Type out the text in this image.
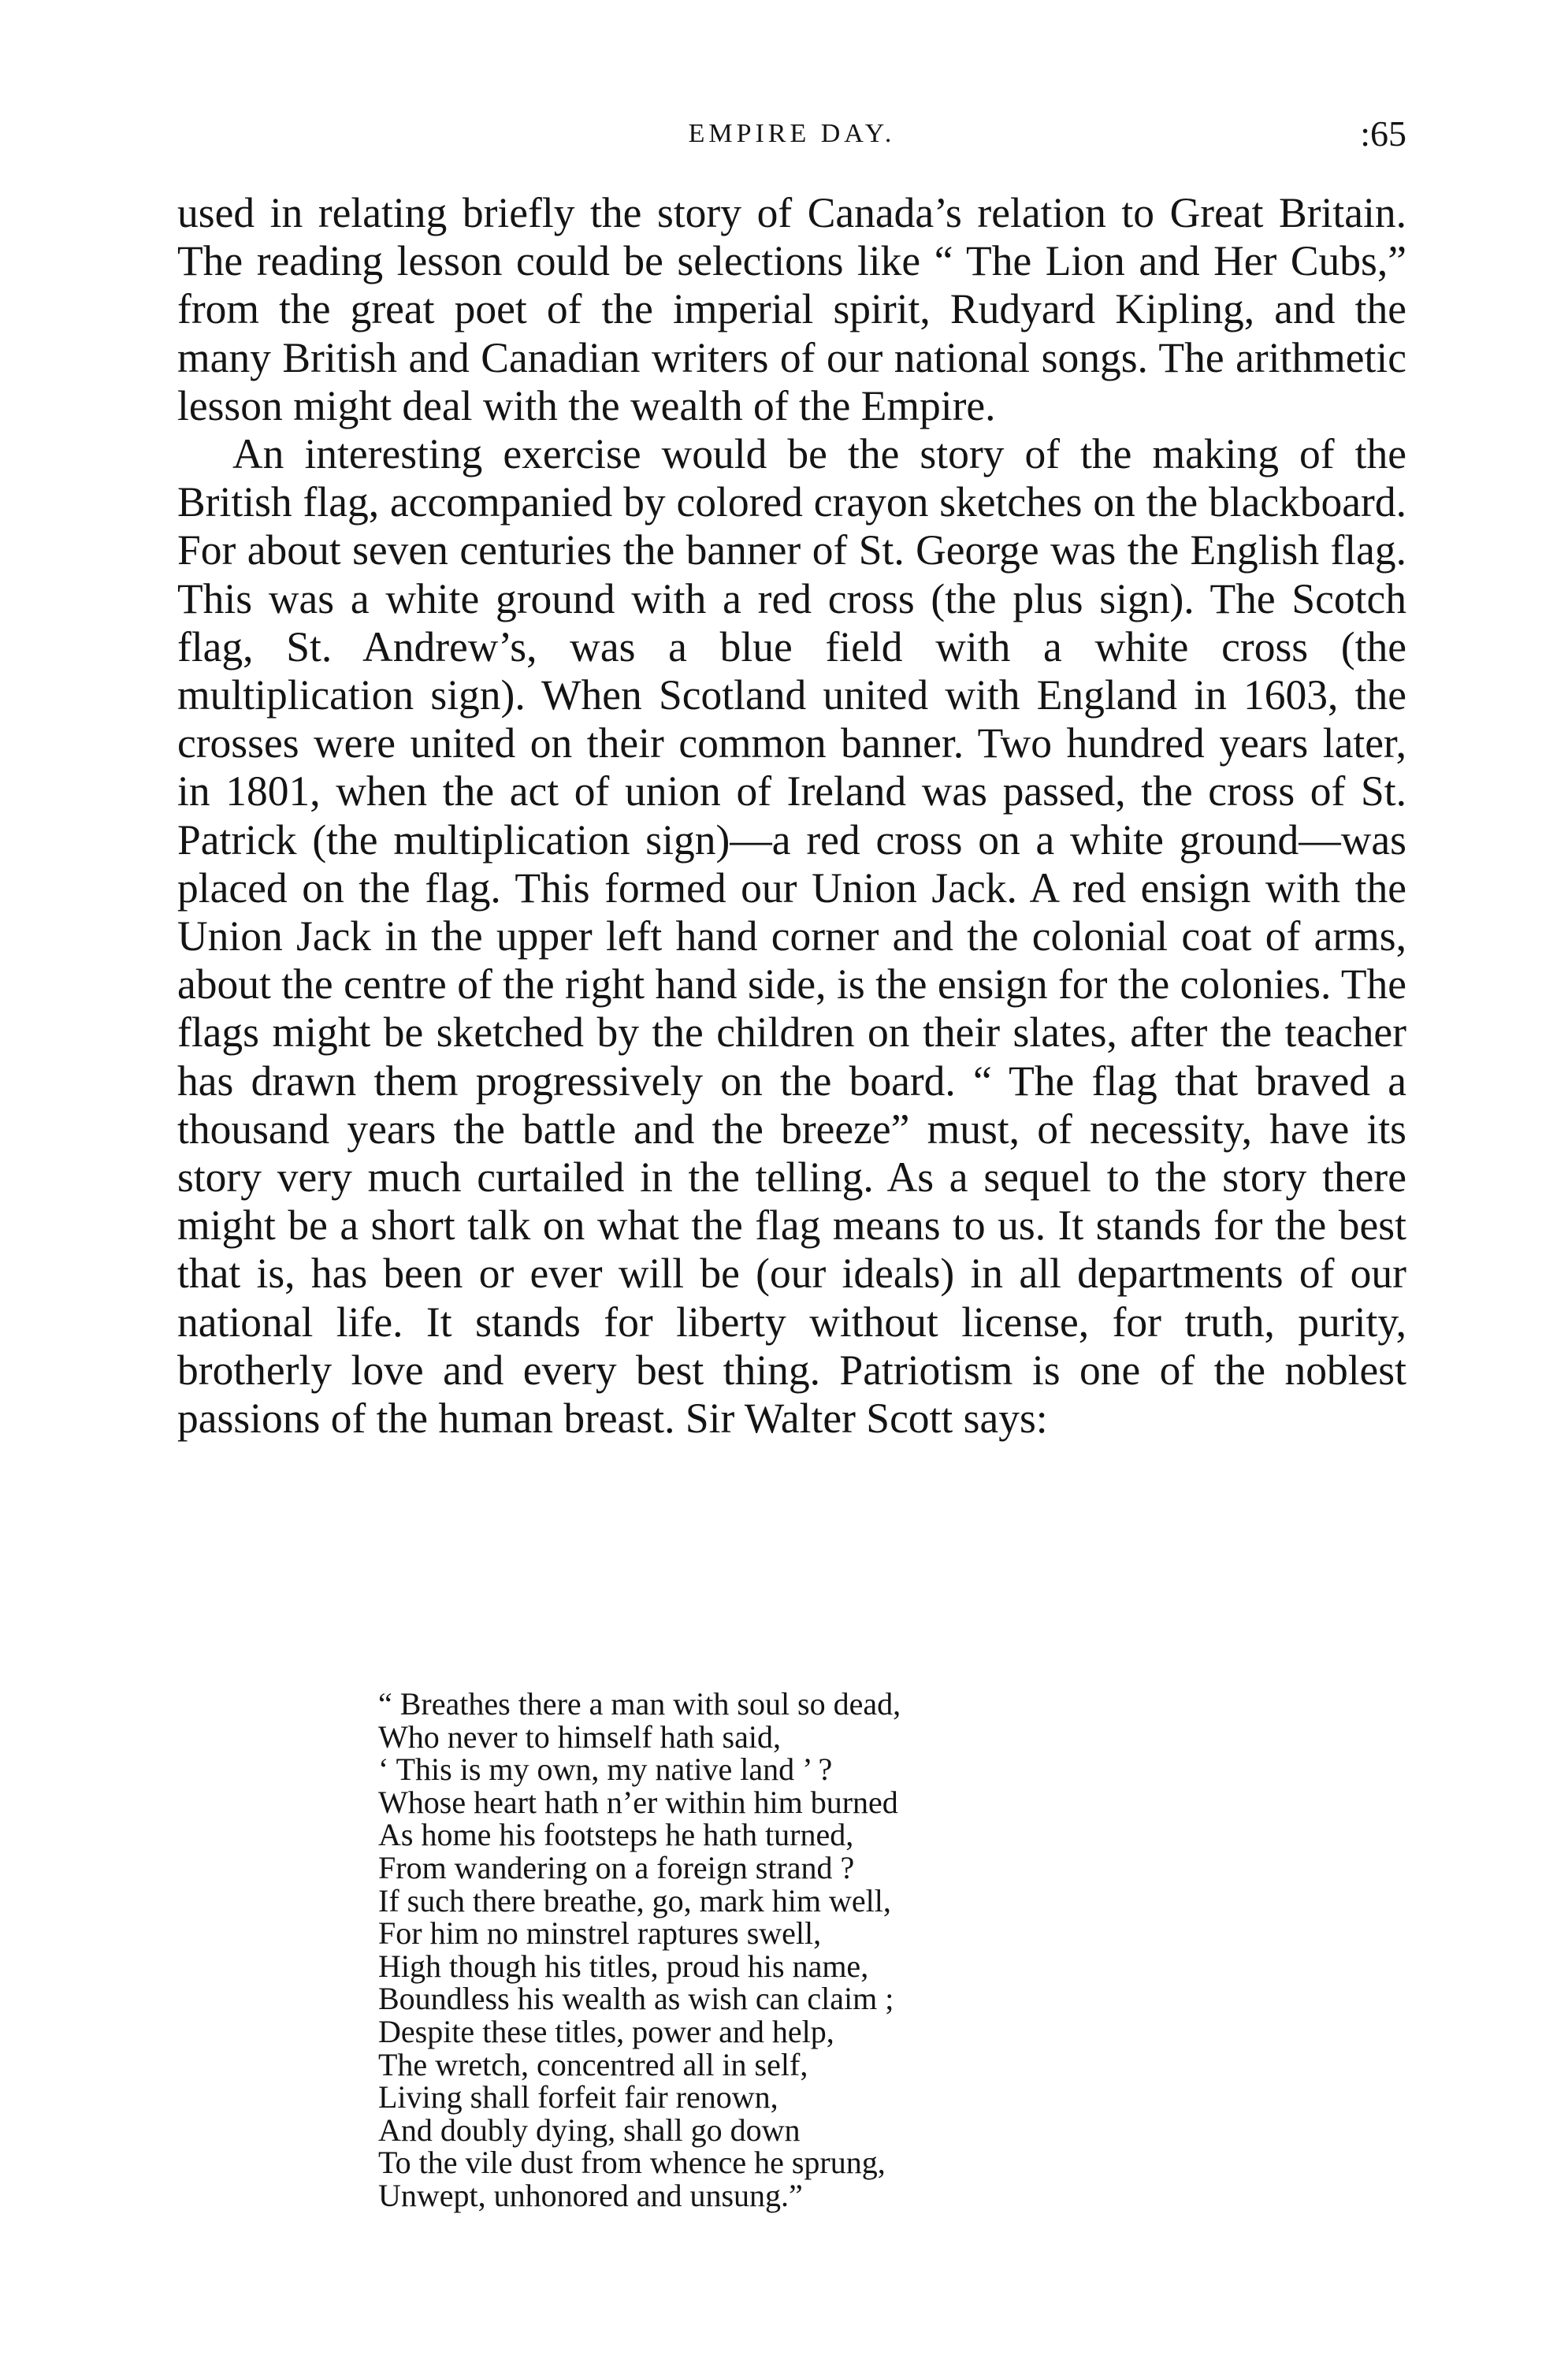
EMPIRE DAY.	:65

used in relating briefly the story of Canada’s relation to Great Britain. The reading lesson could be selections like “ The Lion and Her Cubs,” from the great poet of the imperial spirit, Rudyard Kipling, and the many British and Canadian writers of our national songs. The arithmetic lesson might deal with the wealth of the Empire.

An interesting exercise would be the story of the making of the British flag, accompanied by colored crayon sketches on the blackboard. For about seven centuries the banner of St. George was the English flag. This was a white ground with a red cross (the plus sign). The Scotch flag, St. Andrew’s, was a blue field with a white cross (the multiplication sign). When Scotland united with England in 1603, the crosses were united on their common banner. Two hundred years later, in 1801, when the act of union of Ireland was passed, the cross of St. Patrick (the multiplication sign)—a red cross on a white ground—was placed on the flag. This formed our Union Jack. A red ensign with the Union Jack in the upper left hand corner and the colonial coat of arms, about the centre of the right hand side, is the ensign for the colonies. The flags might be sketched by the children on their slates, after the teacher has drawn them progressively on the board. “ The flag that braved a thousand years the battle and the breeze” must, of necessity, have its story very much curtailed in the telling. As a sequel to the story there might be a short talk on what the flag means to us. It stands for the best that is, has been or ever will be (our ideals) in all departments of our national life. It stands for liberty without license, for truth, purity, brotherly love and every best thing. Patriotism is one of the noblest passions of the human breast. Sir Walter Scott says:

“ Breathes there a man with soul so dead,
Who never to himself hath said,
‘ This is my own, my native land ’ ?
Whose heart hath n’er within him burned
As home his footsteps he hath turned,
From wandering on a foreign strand ?
If such there breathe, go, mark him well,
For him no minstrel raptures swell,
High though his titles, proud his name,
Boundless his wealth as wish can claim ;
Despite these titles, power and help,
The wretch, concentred all in self,
Living shall forfeit fair renown,
And doubly dying, shall go down
To the vile dust from whence he sprung,
Unwept, unhonored and unsung.”
